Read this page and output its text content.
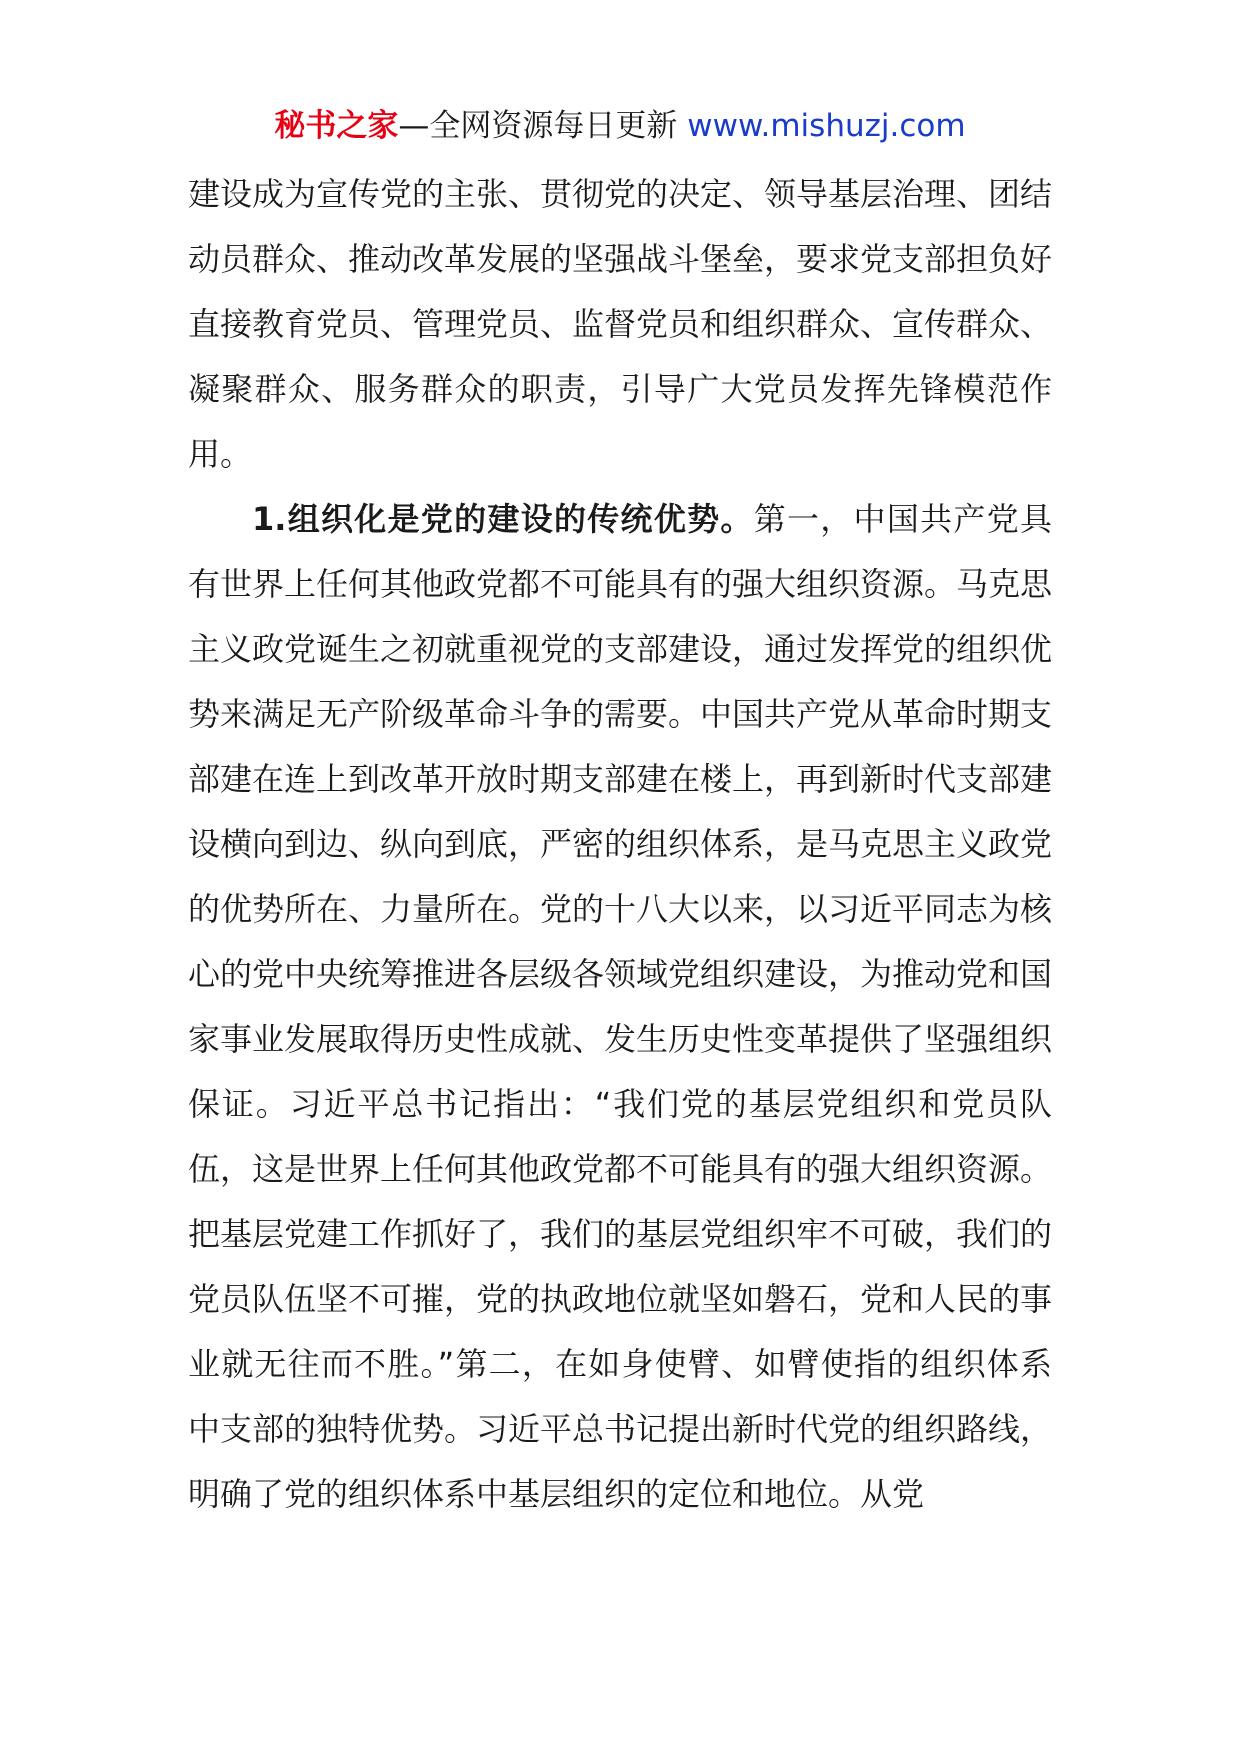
秘书之家—全网资源每日更新 www.mishuzj.com

建设成为宣传党的主张、贯彻党的决定、领导基层治理、团结动员群众、推动改革发展的坚强战斗堡垒，要求党支部担负好直接教育党员、管理党员、监督党员和组织群众、宣传群众、凝聚群众、服务群众的职责，引导广大党员发挥先锋模范作用。

1.组织化是党的建设的传统优势。第一，中国共产党具有世界上任何其他政党都不可能具有的强大组织资源。马克思主义政党诞生之初就重视党的支部建设，通过发挥党的组织优势来满足无产阶级革命斗争的需要。中国共产党从革命时期支部建在连上到改革开放时期支部建在楼上，再到新时代支部建设横向到边、纵向到底，严密的组织体系，是马克思主义政党的优势所在、力量所在。党的十八大以来，以习近平同志为核心的党中央统筹推进各层级各领域党组织建设，为推动党和国家事业发展取得历史性成就、发生历史性变革提供了坚强组织保证。习近平总书记指出：“我们党的基层党组织和党员队伍，这是世界上任何其他政党都不可能具有的强大组织资源。把基层党建工作抓好了，我们的基层党组织牢不可破，我们的党员队伍坚不可摧，党的执政地位就坚如磐石，党和人民的事业就无往而不胜。”第二，在如身使臂、如臂使指的组织体系中支部的独特优势。习近平总书记提出新时代党的组织路线，明确了党的组织体系中基层组织的定位和地位。从党
